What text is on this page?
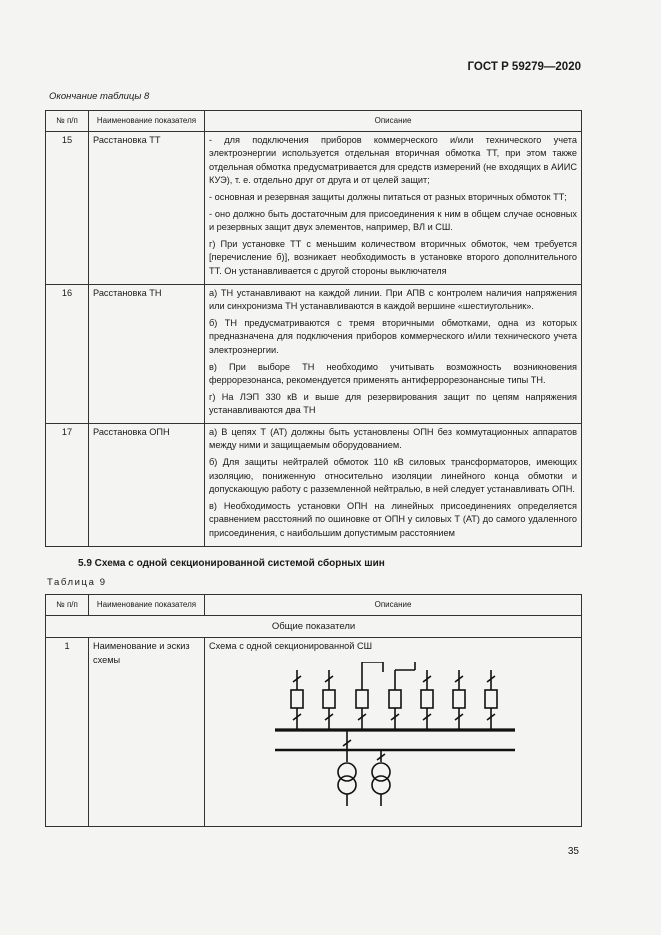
ГОСТ Р 59279—2020
Окончание таблицы 8
№ п/п	Наименование показателя	Описание
15	Расстановка ТТ	- для подключения приборов коммерческого и/или технического учета электроэнергии используется отдельная вторичная обмотка ТТ, при этом также отдельная обмотка предусматривается для средств измерений (не входящих в АИИС КУЭ), т. е. отдельно друг от друга и от целей защит;

- основная и резервная защиты должны питаться от разных вторичных обмоток ТТ;

- оно должно быть достаточным для присоединения к ним в общем случае основных и резервных защит двух элементов, например, ВЛ и СШ.

г) При установке ТТ с меньшим количеством вторичных обмоток, чем требуется [перечисление б)], возникает необходимость в установке второго дополнительного ТТ. Он устанавливается с другой стороны выключателя

16	Расстановка ТН	а) ТН устанавливают на каждой линии. При АПВ с контролем наличия напряжения или синхронизма ТН устанавливаются в каждой вершине «шестиугольник».

б) ТН предусматриваются с тремя вторичными обмотками, одна из которых предназначена для подключения приборов коммерческого и/или технического учета электроэнергии.

в) При выборе ТН необходимо учитывать возможность возникновения феррорезонанса, рекомендуется применять антиферрорезонансные типы ТН.

г) На ЛЭП 330 кВ и выше для резервирования защит по цепям напряжения устанавливаются два ТН

17	Расстановка ОПН	а) В цепях Т (АТ) должны быть установлены ОПН без коммутационных аппаратов между ними и защищаемым оборудованием.

б) Для защиты нейтралей обмоток 110 кВ силовых трансформаторов, имеющих изоляцию, пониженную относительно изоляции линейного конца обмотки и допускающую работу с разземленной нейтралью, в ней следует устанавливать ОПН.

в) Необходимость установки ОПН на линейных присоединениях определяется сравнением расстояний по ошиновке от ОПН у силовых Т (АТ) до самого удаленного присоединения, с наибольшим допустимым расстоянием

5.9 Схема с одной секционированной системой сборных шин
Таблица 9
№ п/п	Наименование показателя	Описание
Общие показатели		
1	Наименование и эскиз схемы	Схема с одной секционированной СШ
35
